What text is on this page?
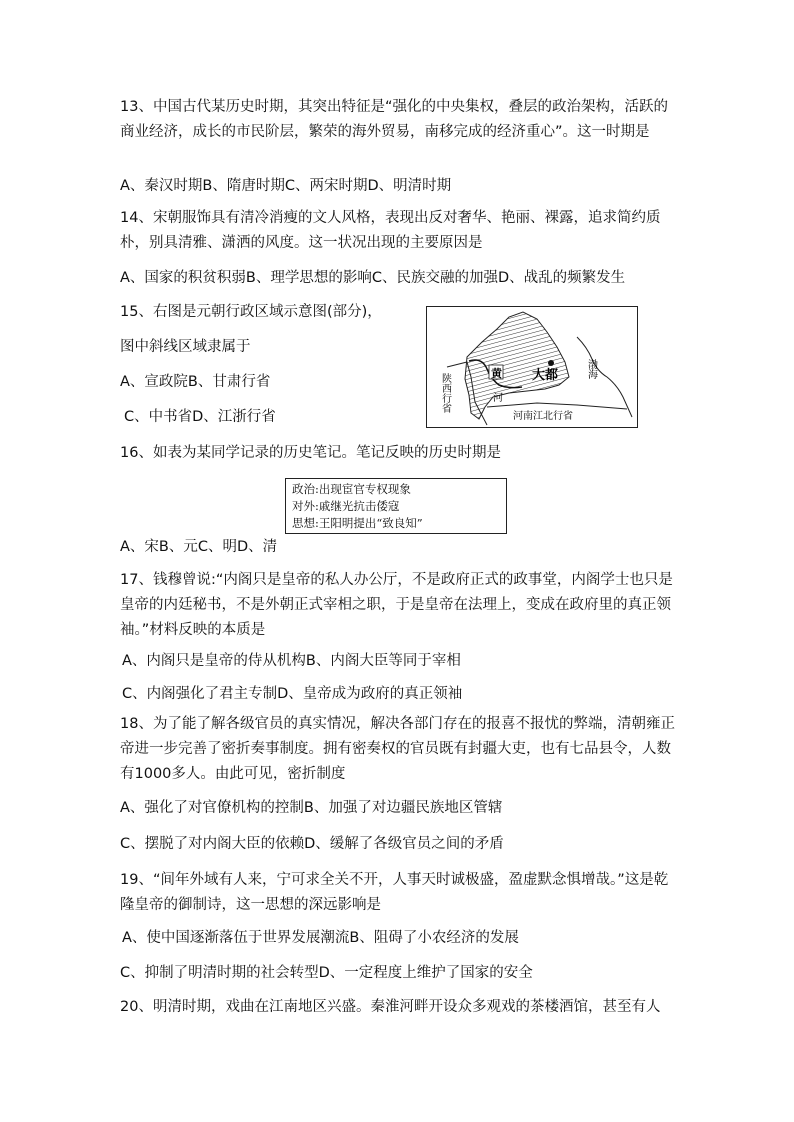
13、中国古代某历史时期，其突出特征是“强化的中央集权，叠层的政治架构，活跃的商业经济，成长的市民阶层，繁荣的海外贸易，南移完成的经济重心”。这一时期是

A、秦汉时期B、隋唐时期C、两宋时期D、明清时期

14、宋朝服饰具有清冷消瘦的文人风格，表现出反对奢华、艳丽、裸露，追求简约质朴，别具清雅、潇洒的风度。这一状况出现的主要原因是

A、国家的积贫积弱B、理学思想的影响C、民族交融的加强D、战乱的频繁发生
15、右图是元朝行政区域示意图(部分)，
图中斜线区域隶属于
A、宣政院B、甘肃行省
C、中书省D、江浙行省
黄 大都
河
渤海
陕西行省
河南江北行省
16、如表为某同学记录的历史笔记。笔记反映的历史时期是
政治:出现宦官专权现象
对外:戚继光抗击倭寇
思想:王阳明提出“致良知”
A、宋B、元C、明D、清

17、钱穆曾说:“内阁只是皇帝的私人办公厅，不是政府正式的政事堂，内阁学士也只是皇帝的内廷秘书，不是外朝正式宰相之职，于是皇帝在法理上，变成在政府里的真正领袖。”材料反映的本质是

A、内阁只是皇帝的侍从机构B、内阁大臣等同于宰相
C、内阁强化了君主专制D、皇帝成为政府的真正领袖

18、为了能了解各级官员的真实情况，解决各部门存在的报喜不报忧的弊端，清朝雍正帝进一步完善了密折奏事制度。拥有密奏权的官员既有封疆大吏，也有七品县令，人数有1000多人。由此可见，密折制度

A、强化了对官僚机构的控制B、加强了对边疆民族地区管辖
C、摆脱了对内阁大臣的依赖D、缓解了各级官员之间的矛盾

19、“间年外域有人来，宁可求全关不开，人事天时诚极盛，盈虚默念惧增哉。”这是乾隆皇帝的御制诗，这一思想的深远影响是

A、使中国逐渐落伍于世界发展潮流B、阻碍了小农经济的发展
C、抑制了明清时期的社会转型D、一定程度上维护了国家的安全
20、明清时期，戏曲在江南地区兴盛。秦淮河畔开设众多观戏的茶楼酒馆，甚至有人
